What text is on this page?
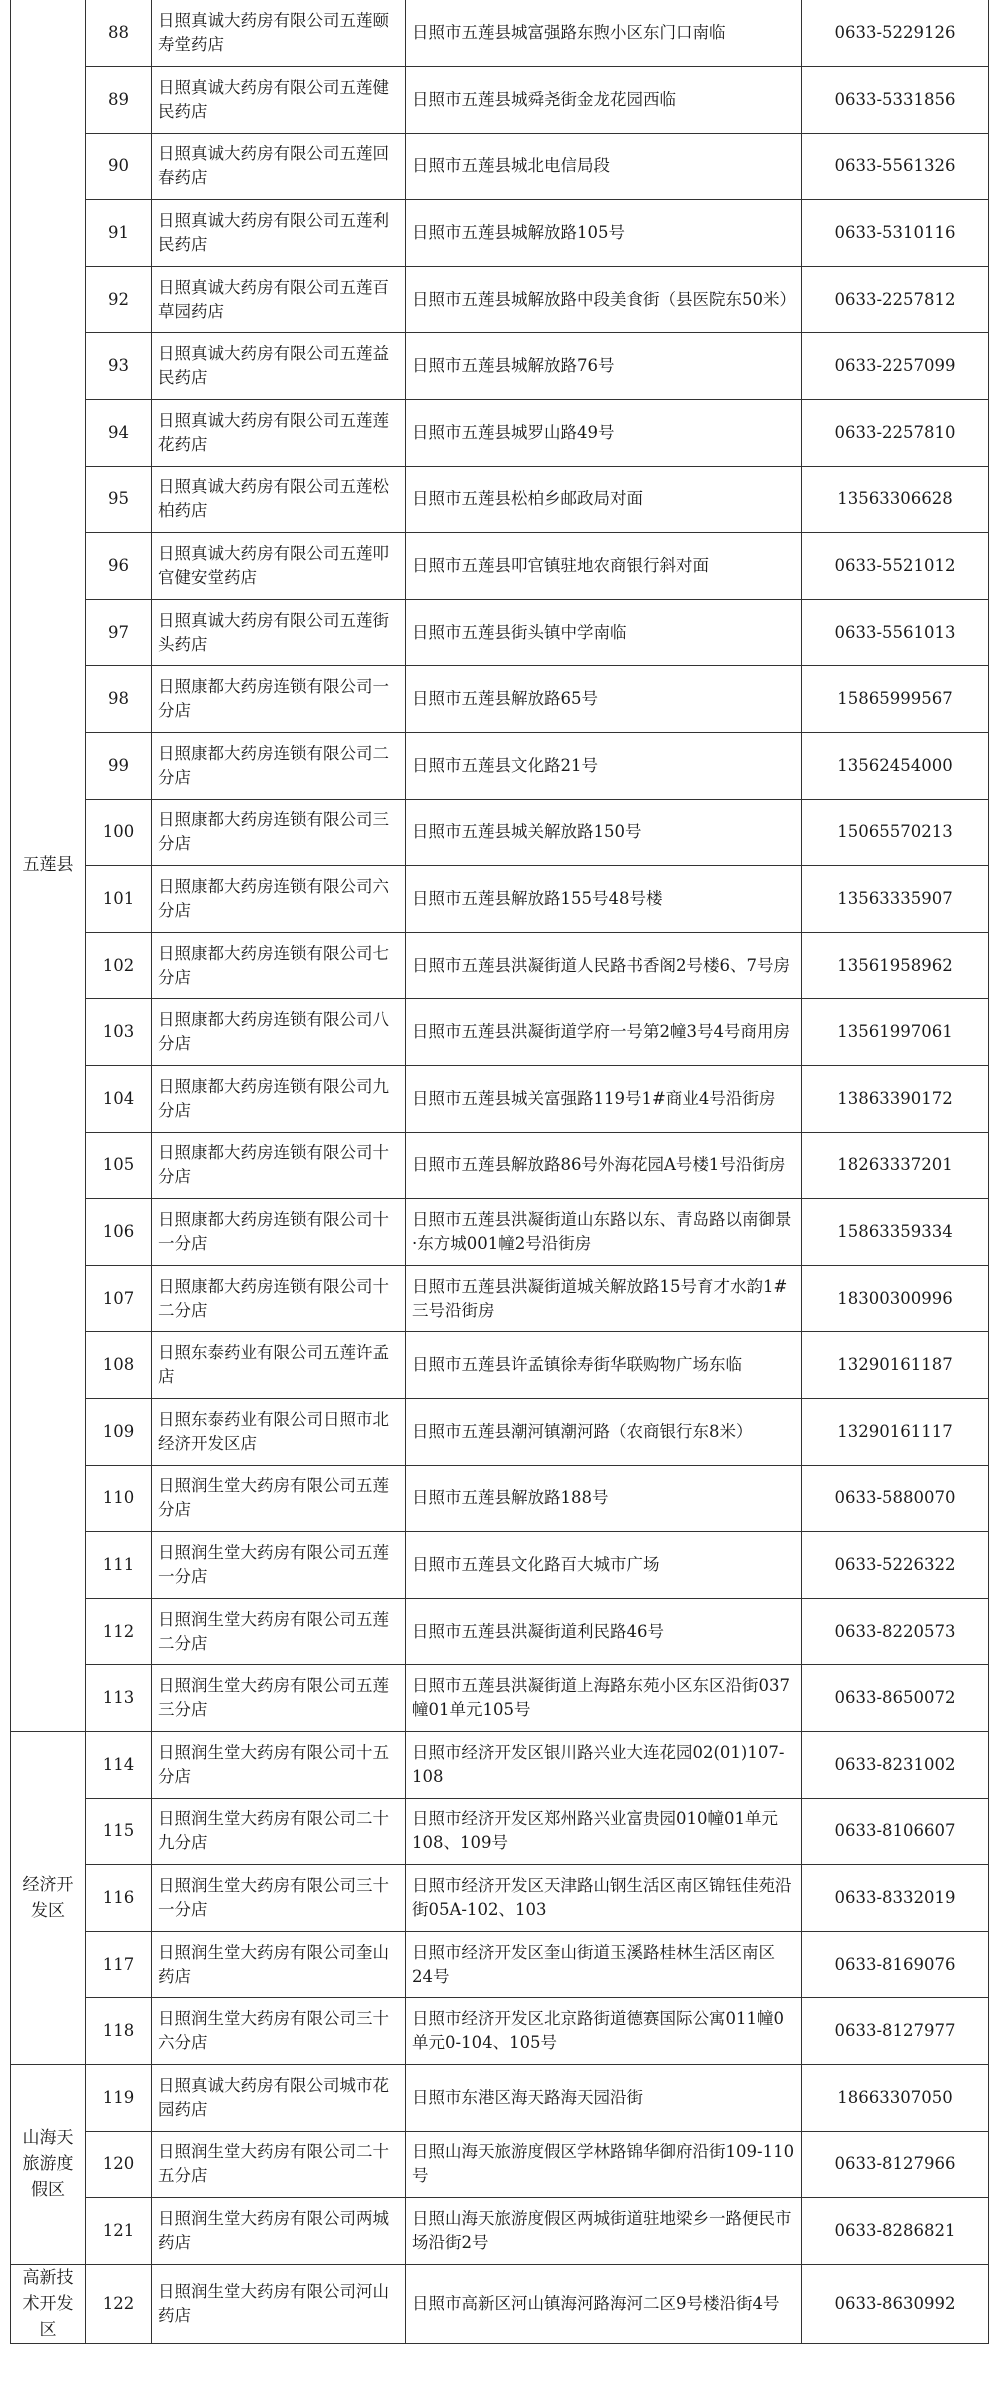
五莲县	88	日照真诚大药房有限公司五莲颐寿堂药店	日照市五莲县城富强路东煦小区东门口南临	0633-5229126
	89	日照真诚大药房有限公司五莲健民药店	日照市五莲县城舜尧街金龙花园西临	0633-5331856
	90	日照真诚大药房有限公司五莲回春药店	日照市五莲县城北电信局段	0633-5561326
	91	日照真诚大药房有限公司五莲利民药店	日照市五莲县城解放路105号	0633-5310116
	92	日照真诚大药房有限公司五莲百草园药店	日照市五莲县城解放路中段美食街（县医院东50米）	0633-2257812
	93	日照真诚大药房有限公司五莲益民药店	日照市五莲县城解放路76号	0633-2257099
	94	日照真诚大药房有限公司五莲莲花药店	日照市五莲县城罗山路49号	0633-2257810
	95	日照真诚大药房有限公司五莲松柏药店	日照市五莲县松柏乡邮政局对面	13563306628
	96	日照真诚大药房有限公司五莲叩官健安堂药店	日照市五莲县叩官镇驻地农商银行斜对面	0633-5521012
	97	日照真诚大药房有限公司五莲街头药店	日照市五莲县街头镇中学南临	0633-5561013
	98	日照康都大药房连锁有限公司一分店	日照市五莲县解放路65号	15865999567
	99	日照康都大药房连锁有限公司二分店	日照市五莲县文化路21号	13562454000
	100	日照康都大药房连锁有限公司三分店	日照市五莲县城关解放路150号	15065570213
	101	日照康都大药房连锁有限公司六分店	日照市五莲县解放路155号48号楼	13563335907
	102	日照康都大药房连锁有限公司七分店	日照市五莲县洪凝街道人民路书香阁2号楼6、7号房	13561958962
	103	日照康都大药房连锁有限公司八分店	日照市五莲县洪凝街道学府一号第2幢3号4号商用房	13561997061
	104	日照康都大药房连锁有限公司九分店	日照市五莲县城关富强路119号1#商业4号沿街房	13863390172
	105	日照康都大药房连锁有限公司十分店	日照市五莲县解放路86号外海花园A号楼1号沿街房	18263337201
	106	日照康都大药房连锁有限公司十一分店	日照市五莲县洪凝街道山东路以东、青岛路以南御景·东方城001幢2号沿街房	15863359334
	107	日照康都大药房连锁有限公司十二分店	日照市五莲县洪凝街道城关解放路15号育才水韵1#三号沿街房	18300300996
	108	日照东泰药业有限公司五莲许孟店	日照市五莲县许孟镇徐寿街华联购物广场东临	13290161187
	109	日照东泰药业有限公司日照市北经济开发区店	日照市五莲县潮河镇潮河路（农商银行东8米）	13290161117
	110	日照润生堂大药房有限公司五莲分店	日照市五莲县解放路188号	0633-5880070
	111	日照润生堂大药房有限公司五莲一分店	日照市五莲县文化路百大城市广场	0633-5226322
	112	日照润生堂大药房有限公司五莲二分店	日照市五莲县洪凝街道利民路46号	0633-8220573
	113	日照润生堂大药房有限公司五莲三分店	日照市五莲县洪凝街道上海路东苑小区东区沿街037幢01单元105号	0633-8650072
经济开发区	114	日照润生堂大药房有限公司十五分店	日照市经济开发区银川路兴业大连花园02(01)107-108	0633-8231002
	115	日照润生堂大药房有限公司二十九分店	日照市经济开发区郑州路兴业富贵园010幢01单元108、109号	0633-8106607
	116	日照润生堂大药房有限公司三十一分店	日照市经济开发区天津路山钢生活区南区锦钰佳苑沿街05A-102、103	0633-8332019
	117	日照润生堂大药房有限公司奎山药店	日照市经济开发区奎山街道玉溪路桂林生活区南区24号	0633-8169076
	118	日照润生堂大药房有限公司三十六分店	日照市经济开发区北京路街道德赛国际公寓011幢0单元0-104、105号	0633-8127977
山海天旅游度假区	119	日照真诚大药房有限公司城市花园药店	日照市东港区海天路海天园沿街	18663307050
	120	日照润生堂大药房有限公司二十五分店	日照山海天旅游度假区学林路锦华御府沿街109-110号	0633-8127966
	121	日照润生堂大药房有限公司两城药店	日照山海天旅游度假区两城街道驻地梁乡一路便民市场沿街2号	0633-8286821
高新技术开发区	122	日照润生堂大药房有限公司河山药店	日照市高新区河山镇海河路海河二区9号楼沿街4号	0633-8630992
